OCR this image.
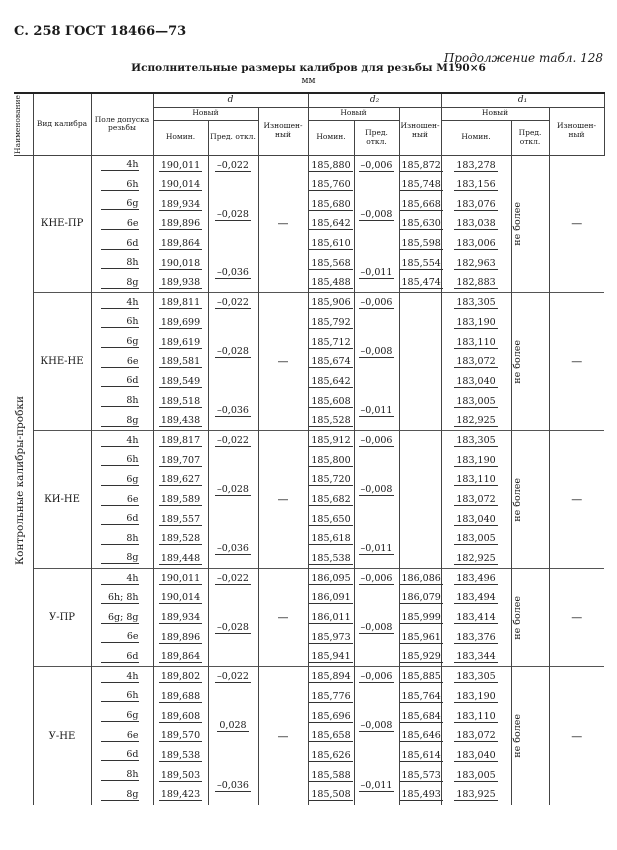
С. 258 ГОСТ 18466—73
Продолжение табл. 128
Исполнительные размеры калибров для резьбы М190×6
мм
Наименование	Вид калибра	Поле допуска резьбы	d			d₂			d₁		
			Новый		Изношен-ный	Новый		Изношен-ный	Новый		Изношен-ный
			Номин.	Пред. откл.		Номин.	Пред. откл.		Номин.	Пред. откл.	

Контрольные калибры-пробки	КНЕ-ПР	4h	190,011	–0,022	—	185,880	–0,006	185,872	183,278	не более	—
		6h	190,014	–0,028		185,760	–0,008	185,748	183,156		
		6g	189,934			185,680		185,668	183,076		
		6e	189,896			185,642		185,630	183,038		
		6d	189,864			185,610		185,598	183,006		
		8h	190,018	–0,036		185,568	–0,011	185,554	182,963		
		8g	189,938			185,488		185,474	182,883		
	КНЕ-НЕ	4h	189,811	–0,022	—	185,906	–0,006		183,305	не более	—
		6h	189,699	–0,028		185,792	–0,008		183,190		
		6g	189,619			185,712			183,110		
		6e	189,581			185,674			183,072		
		6d	189,549			185,642			183,040		
		8h	189,518	–0,036		185,608	–0,011		183,005		
		8g	189,438			185,528			182,925		
	КИ-НЕ	4h	189,817	–0,022	—	185,912	–0,006		183,305	не более	—
		6h	189,707	–0,028		185,800	–0,008		183,190		
		6g	189,627			185,720			183,110		
		6e	189,589			185,682			183,072		
		6d	189,557			185,650			183,040		
		8h	189,528	–0,036		185,618	–0,011		183,005		
		8g	189,448			185,538			182,925		
	У-ПР	4h	190,011	–0,022	—	186,095	–0,006	186,086	183,496	не более	—
		6h; 8h	190,014	–0,028		186,091	–0,008	186,079	183,494		
		6g; 8g	189,934			186,011		185,999	183,414		
		6e	189,896			185,973		185,961	183,376		
		6d	189,864			185,941		185,929	183,344		
	У-НЕ	4h	189,802	–0,022	—	185,894	–0,006	185,885	183,305	не более	—
		6h	189,688	0,028		185,776	–0,008	185,764	183,190		
		6g	189,608			185,696		185,684	183,110		
		6e	189,570			185,658		185,646	183,072		
		6d	189,538			185,626		185,614	183,040		
		8h	189,503	–0,036		185,588	–0,011	185,573	183,005		
		8g	189,423			185,508		185,493	183,925		
